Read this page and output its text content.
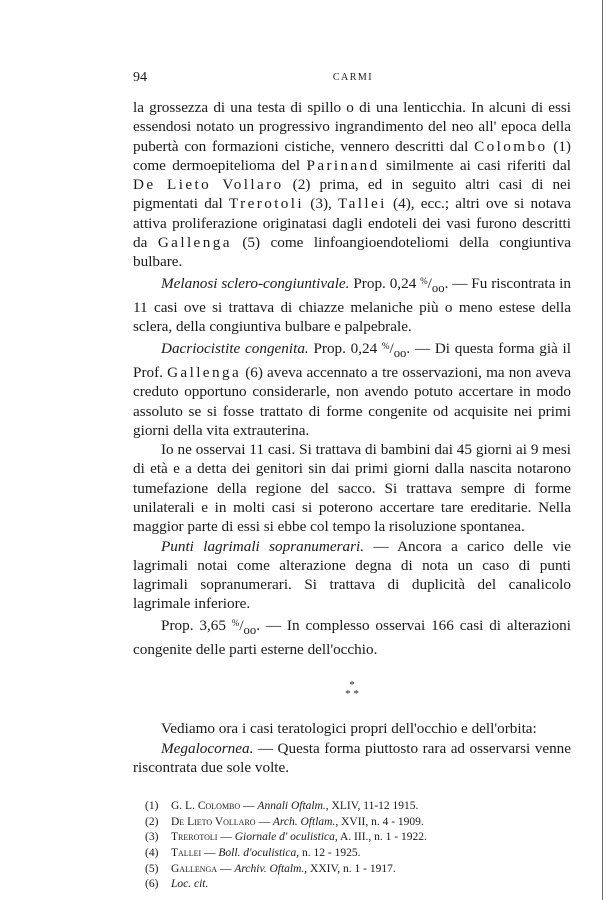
94	CARMI

la grossezza di una testa di spillo o di una lenticchia. In alcuni di essi essendosi notato un progressivo ingrandimento del neo all' epoca della pubertà con formazioni cistiche, vennero descritti dal Colombo (1) come dermoepitelioma del Parinand similmente ai casi riferiti dal De Lieto Vollaro (2) prima, ed in seguito altri casi di nei pigmentati dal Trerotoli (3), Tallei (4), ecc.; altri ove si notava attiva proliferazione originatasi dagli endoteli dei vasi furono descritti da Gallenga (5) come linfoangioendoteliomi della congiuntiva bulbare.

Melanosi sclero-congiuntivale. Prop. 0,24 $^{\%}/_{oo}$. — Fu riscontrata in 11 casi ove si trattava di chiazze melaniche più o meno estese della sclera, della congiuntiva bulbare e palpebrale.

Dacriocistite congenita. Prop. 0,24 $^{\%}/_{oo}$. — Di questa forma già il Prof. Gallenga (6) aveva accennato a tre osservazioni, ma non aveva creduto opportuno considerarle, non avendo potuto accertare in modo assoluto se si fosse trattato di forme congenite od acquisite nei primi giorni della vita extrauterina.

Io ne osservai 11 casi. Si trattava di bambini dai 45 giorni ai 9 mesi di età e a detta dei genitori sin dai primi giorni dalla nascita notarono tumefazione della regione del sacco. Si trattava sempre di forme unilaterali e in molti casi si poterono accertare tare ereditarie. Nella maggior parte di essi si ebbe col tempo la risoluzione spontanea.

Punti lagrimali sopranumerari. — Ancora a carico delle vie lagrimali notai come alterazione degna di nota un caso di punti lagrimali sopranumerari. Si trattava di duplicità del canalicolo lagrimale inferiore.

Prop. 3,65 $^{\%}/_{oo}$. — In complesso osservai 166 casi di alterazioni congenite delle parti esterne dell'occhio.

*
* *

Vediamo ora i casi teratologici propri dell'occhio e dell'orbita:

Megalocornea. — Questa forma piuttosto rara ad osservarsi venne riscontrata due sole volte.

(1) G. L. Colombo — Annali Oftalm., XLIV, 11-12 1915.
(2) De Lieto Vollaro — Arch. Oftlam., XVII, n. 4 - 1909.
(3) Trerotoli — Giornale d' oculistica, A. III., n. 1 - 1922.
(4) Tallei — Boll. d'oculistica, n. 12 - 1925.
(5) Gallenga — Archiv. Oftalm., XXIV, n. 1 - 1917.
(6) Loc. cit.
